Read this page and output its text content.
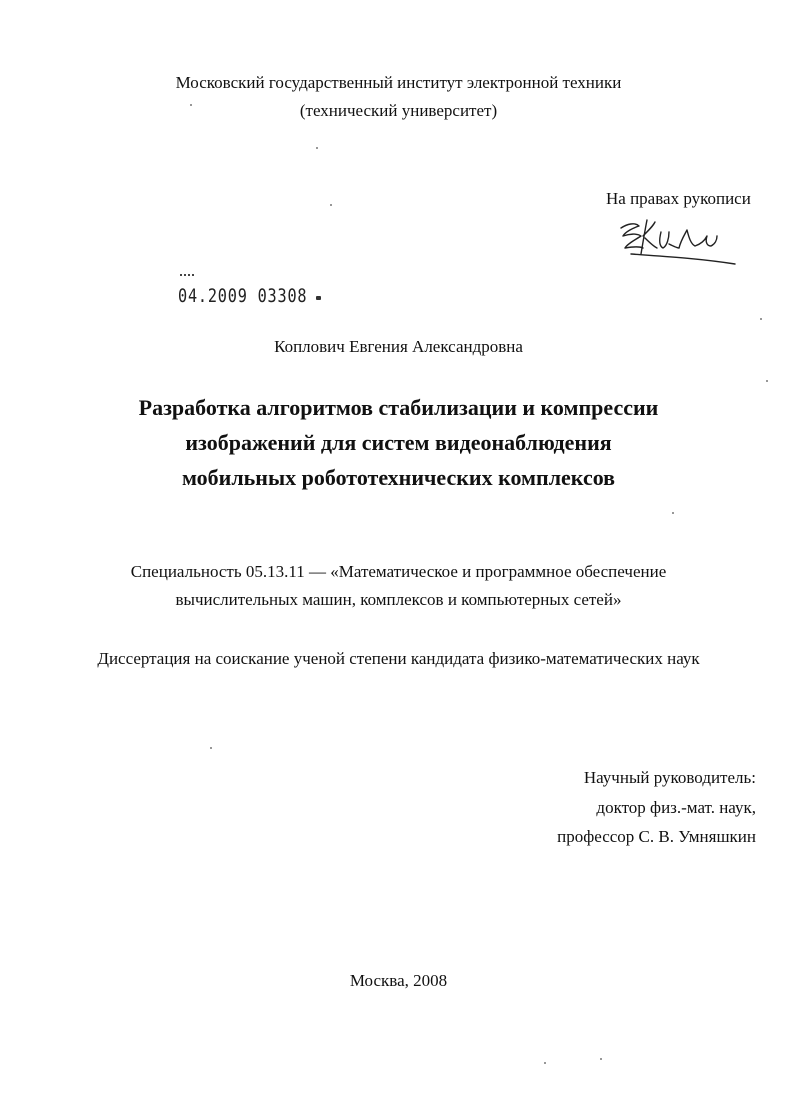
Московский государственный институт электронной техники
(технический университет)
На правах рукописи
04.2009 03308
Коплович Евгения Александровна
Разработка алгоритмов стабилизации и компрессии
изображений для систем видеонаблюдения
мобильных робототехнических комплексов
Специальность 05.13.11 — «Математическое и программное обеспечение
вычислительных машин, комплексов и компьютерных сетей»
Диссертация на соискание ученой степени кандидата физико-математических наук
Научный руководитель:
доктор физ.-мат. наук,
профессор С. В. Умняшкин
Москва, 2008
